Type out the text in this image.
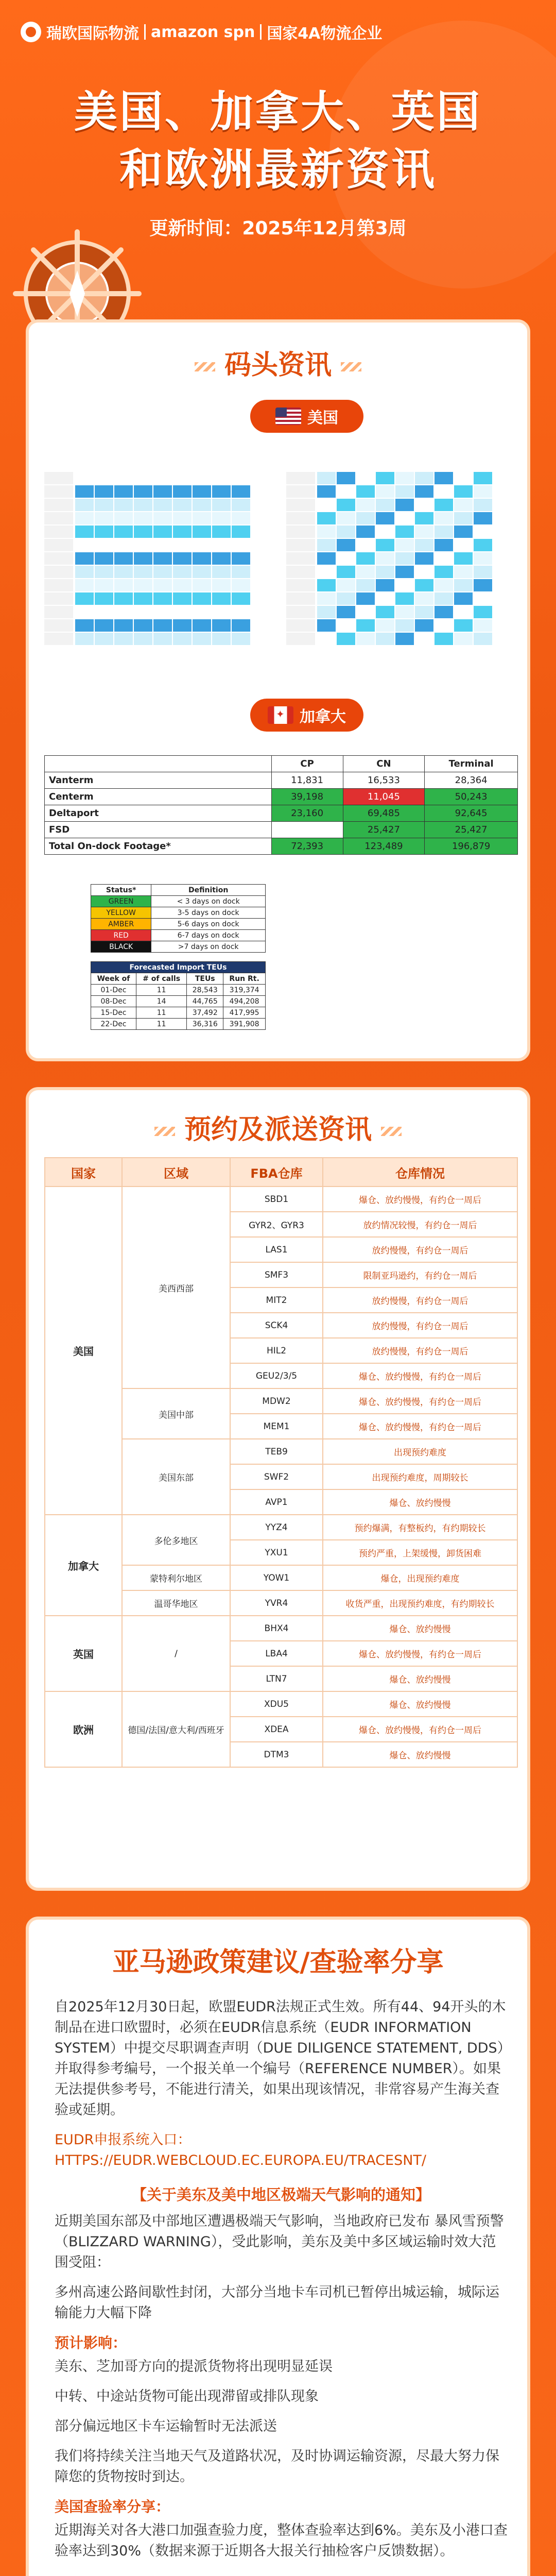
瑞欧国际物流 amazon spn 国家4A物流企业
美国、加拿大、英国
和欧洲最新资讯
更新时间：2025年12月第3周
码头资讯
美国
✦
加拿大
	CP	CN	Terminal
Vanterm	11,831	16,533	28,364
Centerm	39,198	11,045	50,243
Deltaport	23,160	69,485	92,645
FSD		25,427	25,427
Total On-dock Footage*	72,393	123,489	196,879
Status*	Definition
GREEN	< 3 days on dock
YELLOW	3-5 days on dock
AMBER	5-6 days on dock
RED	6-7 days on dock
BLACK	>7 days on dock
Forecasted Import TEUs			
Week of	# of calls	TEUs	Run Rt.
01-Dec	11	28,543	319,374
08-Dec	14	44,765	494,208
15-Dec	11	37,492	417,995
22-Dec	11	36,316	391,908
预约及派送资讯
国家	区域	FBA仓库	仓库情况
美国	美西西部	SBD1	爆仓、放约慢慢，有约仓一周后
		GYR2、GYR3	放约情况较慢，有约仓一周后
		LAS1	放约慢慢，有约仓一周后
		SMF3	限制亚玛逊约，有约仓一周后
		MIT2	放约慢慢，有约仓一周后
		SCK4	放约慢慢，有约仓一周后
		HIL2	放约慢慢，有约仓一周后
		GEU2/3/5	爆仓、放约慢慢，有约仓一周后
	美国中部	MDW2	爆仓、放约慢慢，有约仓一周后
		MEM1	爆仓、放约慢慢，有约仓一周后
	美国东部	TEB9	出现预约难度
		SWF2	出现预约难度，周期较长
		AVP1	爆仓、放约慢慢
加拿大	多伦多地区	YYZ4	预约爆满，有整板约，有约期较长
		YXU1	预约严重，上架缓慢，卸货困难
	蒙特利尔地区	YOW1	爆仓，出现预约难度
	温哥华地区	YVR4	收货严重，出现预约难度，有约期较长
英国	/	BHX4	爆仓、放约慢慢
		LBA4	爆仓、放约慢慢，有约仓一周后
		LTN7	爆仓、放约慢慢
欧洲	德国/法国/意大利/西班牙	XDU5	爆仓、放约慢慢
		XDEA	爆仓、放约慢慢，有约仓一周后
		DTM3	爆仓、放约慢慢
亚马逊政策建议/查验率分享

自2025年12月30日起，欧盟EUDR法规正式生效。所有44、94开头的木制品在进口欧盟时，必须在EUDR信息系统（EUDR INFORMATION SYSTEM）中提交尽职调查声明（DUE DILIGENCE STATEMENT, DDS）并取得参考编号，一个报关单一个编号（REFERENCE NUMBER）。如果无法提供参考号，不能进行清关，如果出现该情况，非常容易产生海关查验或延期。

EUDR申报系统入口：HTTPS://EUDR.WEBCLOUD.EC.EUROPA.EU/TRACESNT/

【关于美东及美中地区极端天气影响的通知】

近期美国东部及中部地区遭遇极端天气影响，当地政府已发布 暴风雪预警（BLIZZARD WARNING），受此影响，美东及美中多区域运输时效大范围受阻：

多州高速公路间歇性封闭，大部分当地卡车司机已暂停出城运输，城际运输能力大幅下降

预计影响：

美东、芝加哥方向的提派货物将出现明显延误

中转、中途站货物可能出现滞留或排队现象

部分偏远地区卡车运输暂时无法派送

我们将持续关注当地天气及道路状况，及时协调运输资源，尽最大努力保障您的货物按时到达。

美国查验率分享：

近期海关对各大港口加强查验力度，整体查验率达到6%。美东及小港口查验率达到30%（数据来源于近期各大报关行抽检客户反馈数据）。
